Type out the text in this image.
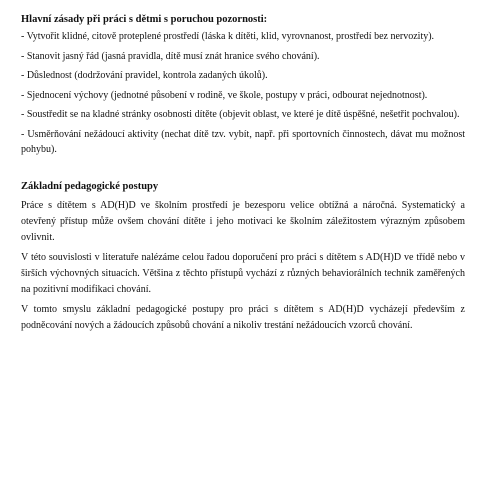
Hlavní zásady při práci s dětmi s poruchou pozornosti:

- Vytvořit klidné, citově proteplené prostředí (láska k dítěti, klid, vyrovnanost, prostředí bez nervozity).

- Stanovit jasný řád (jasná pravidla, dítě musí znát hranice svého chování).

- Důslednost (dodržování pravidel, kontrola zadaných úkolů).

- Sjednocení výchovy (jednotné působení v rodině, ve škole, postupy v práci, odbourat nejednotnost).

- Soustředit se na kladné stránky osobnosti dítěte (objevit oblast, ve které je dítě úspěšné, nešetřit pochvalou).

- Usměrňování nežádoucí aktivity (nechat dítě tzv. vybít, např. při sportovních činnostech, dávat mu možnost pohybu).

Základní pedagogické postupy

Práce s dítětem s AD(H)D ve školním prostředí je bezesporu velice obtížná a náročná. Systematický a otevřený přístup může ovšem chování dítěte i jeho motivaci ke školním záležitostem výrazným způsobem ovlivnit.

V této souvislosti v literatuře nalézáme celou řadou doporučení pro práci s dítětem s AD(H)D ve třídě nebo v širších výchovných situacích. Většina z těchto přístupů vychází z různých behaviorálních technik zaměřených na pozitivní modifikaci chování.

V tomto smyslu základní pedagogické postupy pro práci s dítětem s AD(H)D vycházejí především z podněcování nových a žádoucích způsobů chování a nikoliv trestání nežádoucích vzorců chování.
